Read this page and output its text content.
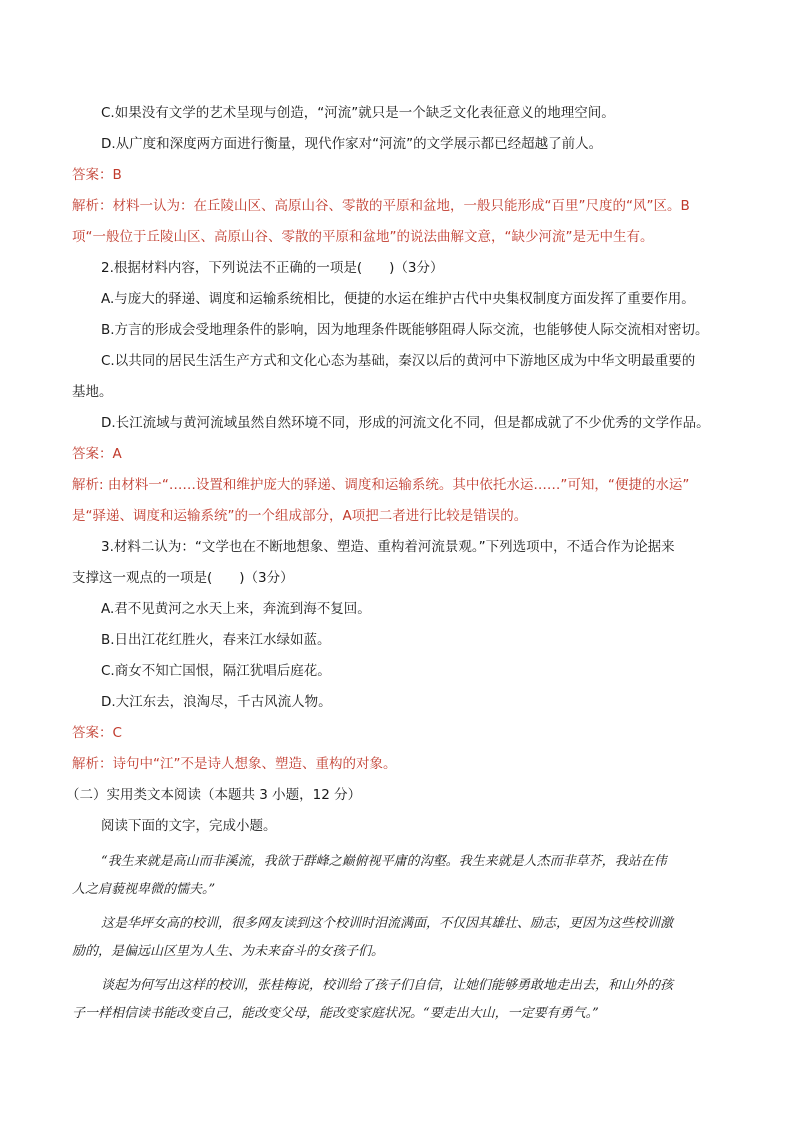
C.如果没有文学的艺术呈现与创造，“河流”就只是一个缺乏文化表征意义的地理空间。
D.从广度和深度两方面进行衡量，现代作家对“河流”的文学展示都已经超越了前人。
答案：B
解析：材料一认为：在丘陵山区、高原山谷、零散的平原和盆地，一般只能形成“百里”尺度的“风”区。B
项“一般位于丘陵山区、高原山谷、零散的平原和盆地”的说法曲解文意，“缺少河流”是无中生有。
2.根据材料内容，下列说法不正确的一项是(　　)（3分）
A.与庞大的驿递、调度和运输系统相比，便捷的水运在维护古代中央集权制度方面发挥了重要作用。
B.方言的形成会受地理条件的影响，因为地理条件既能够阻碍人际交流，也能够使人际交流相对密切。
C.以共同的居民生活生产方式和文化心态为基础，秦汉以后的黄河中下游地区成为中华文明最重要的
基地。
D.长江流域与黄河流域虽然自然环境不同，形成的河流文化不同，但是都成就了不少优秀的文学作品。
答案：A
解析: 由材料一“……设置和维护庞大的驿递、调度和运输系统。其中依托水运……”可知，“便捷的水运”
是“驿递、调度和运输系统”的一个组成部分，A项把二者进行比较是错误的。
3.材料二认为：“文学也在不断地想象、塑造、重构着河流景观。”下列选项中，不适合作为论据来
支撑这一观点的一项是(　　)（3分）
A.君不见黄河之水天上来，奔流到海不复回。
B.日出江花红胜火，春来江水绿如蓝。
C.商女不知亡国恨，隔江犹唱后庭花。
D.大江东去，浪淘尽，千古风流人物。
答案：C
解析：诗句中“江”不是诗人想象、塑造、重构的对象。
（二）实用类文本阅读（本题共 3 小题，12 分）
阅读下面的文字，完成小题。
“我生来就是高山而非溪流，我欲于群峰之巅俯视平庸的沟壑。我生来就是人杰而非草芥，我站在伟
人之肩藐视卑微的懦夫。”
这是华坪女高的校训，很多网友读到这个校训时泪流满面，不仅因其雄壮、励志，更因为这些校训激
励的，是偏远山区里为人生、为未来奋斗的女孩子们。
谈起为何写出这样的校训，张桂梅说，校训给了孩子们自信，让她们能够勇敢地走出去，和山外的孩
子一样相信读书能改变自己，能改变父母，能改变家庭状况。“要走出大山，一定要有勇气。”
